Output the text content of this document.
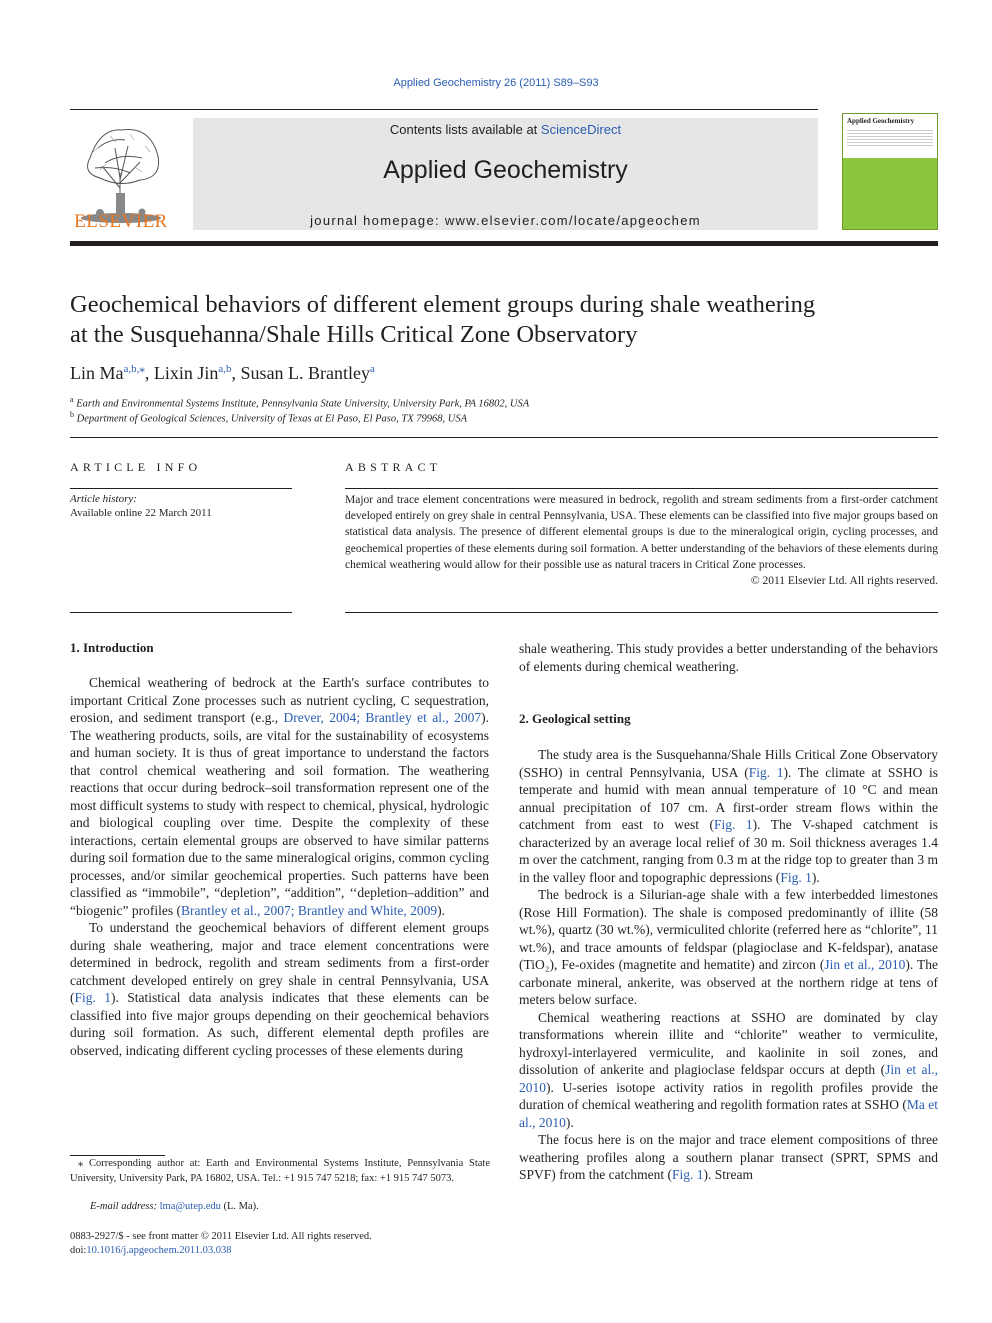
Applied Geochemistry 26 (2011) S89–S93
ELSEVIER
Contents lists available at ScienceDirect
Applied Geochemistry
journal homepage: www.elsevier.com/locate/apgeochem
Applied Geochemistry
Geochemical behaviors of different element groups during shale weathering
at the Susquehanna/Shale Hills Critical Zone Observatory
Lin $Ma^{a,b,⁎}$, Lixin Jin$^{a,b}$, Susan L. Brantley$^a$
$^a$ Earth and Environmental Systems Institute, Pennsylvania State University, University Park, PA 16802, USA
$^b$ Department of Geological Sciences, University of Texas at El Paso, El Paso, TX 79968, USA
ARTICLE INFO
Article history:
Available online 22 March 2011
ABSTRACT
Major and trace element concentrations were measured in bedrock, regolith and stream sediments from a first-order catchment developed entirely on grey shale in central Pennsylvania, USA. These elements can be classified into five major groups based on statistical data analysis. The presence of different elemental groups is due to the mineralogical origin, cycling processes, and geochemical properties of these elements during soil formation. A better understanding of the behaviors of these elements during chemical weathering would allow for their possible use as natural tracers in Critical Zone processes.
© 2011 Elsevier Ltd. All rights reserved.
1. Introduction

Chemical weathering of bedrock at the Earth's surface contributes to important Critical Zone processes such as nutrient cycling, C sequestration, erosion, and sediment transport (e.g., Drever, 2004; Brantley et al., 2007). The weathering products, soils, are vital for the sustainability of ecosystems and human society. It is thus of great importance to understand the factors that control chemical weathering and soil formation. The weathering reactions that occur during bedrock–soil transformation represent one of the most difficult systems to study with respect to chemical, physical, hydrologic and biological coupling over time. Despite the complexity of these interactions, certain elemental groups are observed to have similar patterns during soil formation due to the same mineralogical origins, common cycling processes, and/or similar geochemical properties. Such patterns have been classified as “immobile”, “depletion”, “addition”, ‘‘depletion–addition” and “biogenic” profiles (Brantley et al., 2007; Brantley and White, 2009).

To understand the geochemical behaviors of different element groups during shale weathering, major and trace element concentrations were determined in bedrock, regolith and stream sediments from a first-order catchment developed entirely on grey shale in central Pennsylvania, USA (Fig. 1). Statistical data analysis indicates that these elements can be classified into five major groups depending on their geochemical behaviors during soil formation. As such, different elemental depth profiles are observed, indicating different cycling processes of these elements during

shale weathering. This study provides a better understanding of the behaviors of elements during chemical weathering.

2. Geological setting

The study area is the Susquehanna/Shale Hills Critical Zone Observatory (SSHO) in central Pennsylvania, USA (Fig. 1). The climate at SSHO is temperate and humid with mean annual temperature of 10 °C and mean annual precipitation of 107 cm. A first-order stream flows within the catchment from east to west (Fig. 1). The V-shaped catchment is characterized by an average local relief of 30 m. Soil thickness averages 1.4 m over the catchment, ranging from 0.3 m at the ridge top to greater than 3 m in the valley floor and topographic depressions (Fig. 1).

The bedrock is a Silurian-age shale with a few interbedded limestones (Rose Hill Formation). The shale is composed predominantly of illite (58 wt.%), quartz (30 wt.%), vermiculited chlorite (referred here as “chlorite”, 11 wt.%), and trace amounts of feldspar (plagioclase and K-feldspar), anatase (TiO₂), Fe-oxides (magnetite and hematite) and zircon (Jin et al., 2010). The carbonate mineral, ankerite, was observed at the northern ridge at tens of meters below surface.

Chemical weathering reactions at SSHO are dominated by clay transformations wherein illite and “chlorite” weather to vermiculite, hydroxyl-interlayered vermiculite, and kaolinite in soil zones, and dissolution of ankerite and plagioclase feldspar occurs at depth (Jin et al., 2010). U-series isotope activity ratios in regolith profiles provide the duration of chemical weathering and regolith formation rates at SSHO (Ma et al., 2010).

The focus here is on the major and trace element compositions of three weathering profiles along a southern planar transect (SPRT, SPMS and SPVF) from the catchment (Fig. 1). Stream

⁎ Corresponding author at: Earth and Environmental Systems Institute, Pennsylvania State University, University Park, PA 16802, USA. Tel.: +1 915 747 5218; fax: +1 915 747 5073.
E-mail address: lma@utep.edu (L. Ma).
0883-2927/$ - see front matter © 2011 Elsevier Ltd. All rights reserved.
doi:10.1016/j.apgeochem.2011.03.038
